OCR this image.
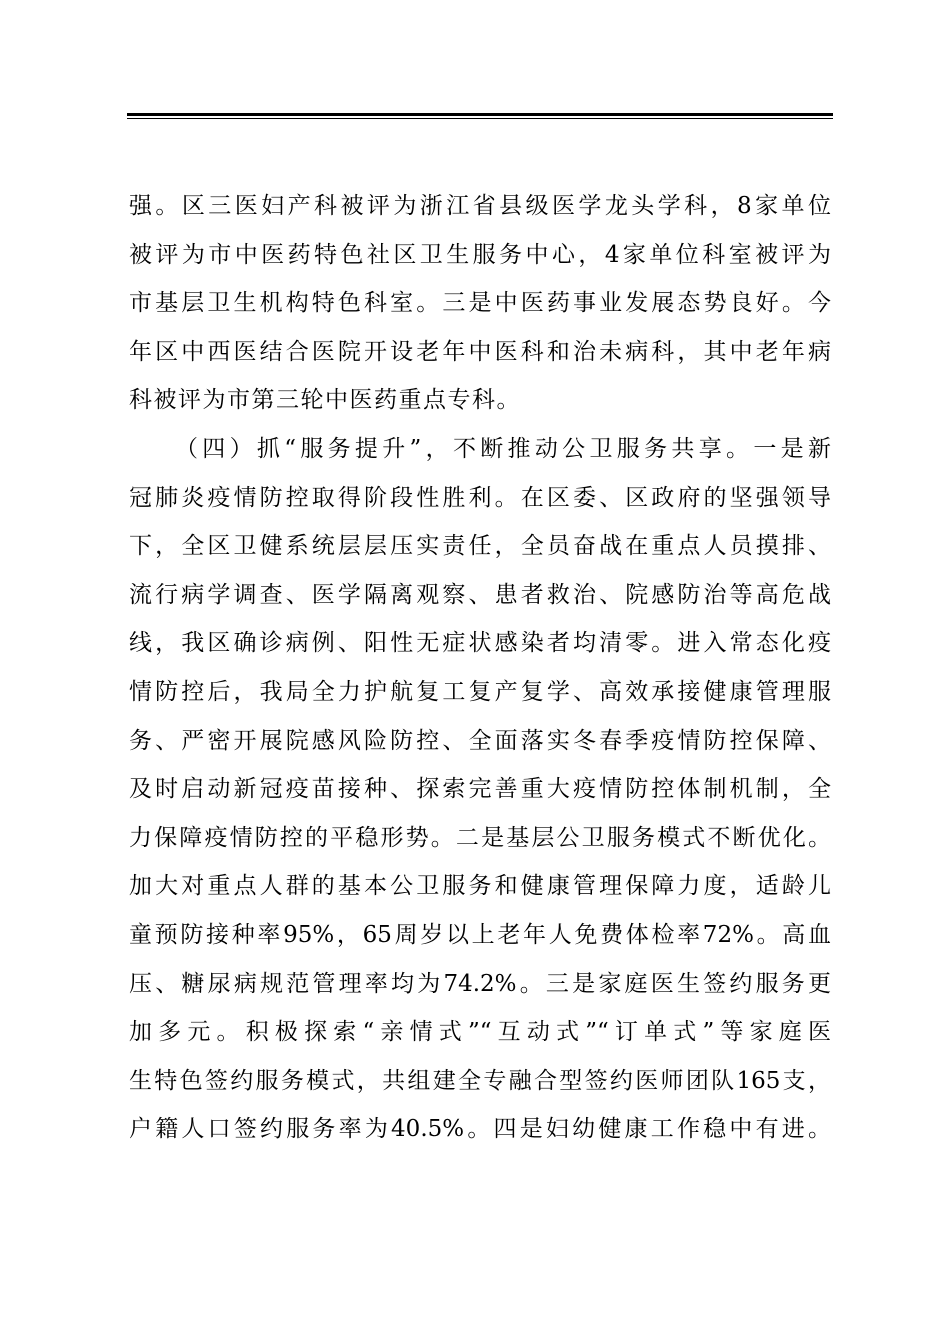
强。区三医妇产科被评为浙江省县级医学龙头学科，8家单位
被评为市中医药特色社区卫生服务中心，4家单位科室被评为
市基层卫生机构特色科室。三是中医药事业发展态势良好。今
年区中西医结合医院开设老年中医科和治未病科，其中老年病
科被评为市第三轮中医药重点专科。
（四）抓“服务提升”，不断推动公卫服务共享。一是新
冠肺炎疫情防控取得阶段性胜利。在区委、区政府的坚强领导
下，全区卫健系统层层压实责任，全员奋战在重点人员摸排、
流行病学调查、医学隔离观察、患者救治、院感防治等高危战
线，我区确诊病例、阳性无症状感染者均清零。进入常态化疫
情防控后，我局全力护航复工复产复学、高效承接健康管理服
务、严密开展院感风险防控、全面落实冬春季疫情防控保障、
及时启动新冠疫苗接种、探索完善重大疫情防控体制机制，全
力保障疫情防控的平稳形势。二是基层公卫服务模式不断优化。
加大对重点人群的基本公卫服务和健康管理保障力度，适龄儿
童预防接种率95%，65周岁以上老年人免费体检率72%。高血
压、糖尿病规范管理率均为74.2%。三是家庭医生签约服务更
加多元。积极探索“亲情式”“互动式”“订单式”等家庭医
生特色签约服务模式，共组建全专融合型签约医师团队165支，
户籍人口签约服务率为40.5%。四是妇幼健康工作稳中有进。
